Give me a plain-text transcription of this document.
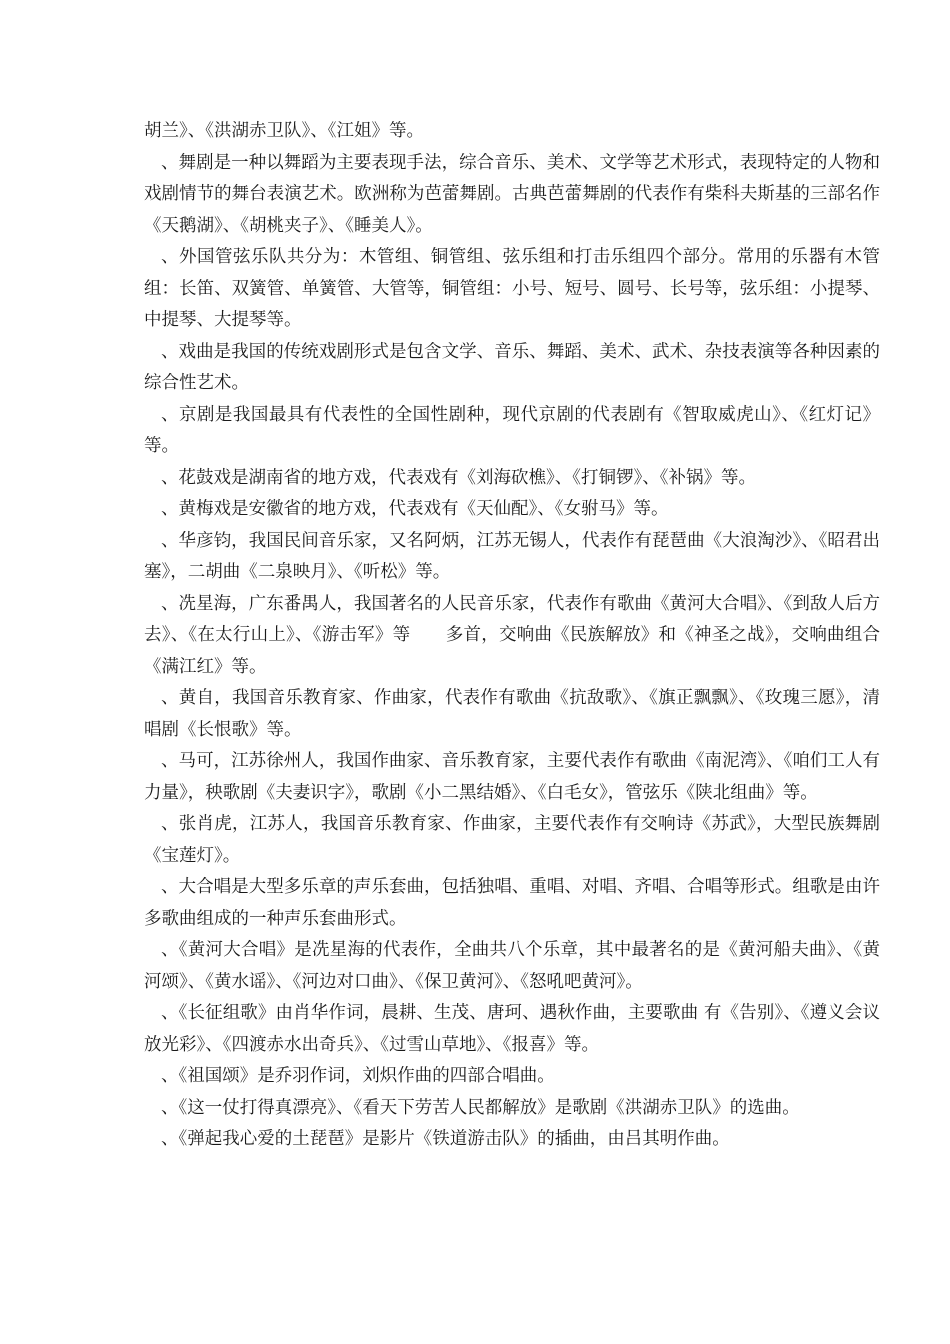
胡兰》、《洪湖赤卫队》、《江姐》等。

、舞剧是一种以舞蹈为主要表现手法，综合音乐、美术、文学等艺术形式，表现特定的人物和戏剧情节的舞台表演艺术。欧洲称为芭蕾舞剧。古典芭蕾舞剧的代表作有柴科夫斯基的三部名作《天鹅湖》、《胡桃夹子》、《睡美人》。

、外国管弦乐队共分为：木管组、铜管组、弦乐组和打击乐组四个部分。常用的乐器有木管组：长笛、双簧管、单簧管、大管等，铜管组：小号、短号、圆号、长号等，弦乐组：小提琴、中提琴、大提琴等。

、戏曲是我国的传统戏剧形式是包含文学、音乐、舞蹈、美术、武术、杂技表演等各种因素的综合性艺术。

、京剧是我国最具有代表性的全国性剧种，现代京剧的代表剧有《智取威虎山》、《红灯记》等。

、花鼓戏是湖南省的地方戏，代表戏有《刘海砍樵》、《打铜锣》、《补锅》等。

、黄梅戏是安徽省的地方戏，代表戏有《天仙配》、《女驸马》等。

、华彦钧，我国民间音乐家，又名阿炳，江苏无锡人，代表作有琵琶曲《大浪淘沙》、《昭君出塞》，二胡曲《二泉映月》、《听松》等。

、冼星海，广东番禺人，我国著名的人民音乐家，代表作有歌曲《黄河大合唱》、《到敌人后方去》、《在太行山上》、《游击军》等　　多首，交响曲《民族解放》和《神圣之战》，交响曲组合《满江红》等。

、黄自，我国音乐教育家、作曲家，代表作有歌曲《抗敌歌》、《旗正飘飘》、《玫瑰三愿》，清唱剧《长恨歌》等。

、马可，江苏徐州人，我国作曲家、音乐教育家，主要代表作有歌曲《南泥湾》、《咱们工人有力量》，秧歌剧《夫妻识字》，歌剧《小二黑结婚》、《白毛女》，管弦乐《陕北组曲》等。

、张肖虎，江苏人，我国音乐教育家、作曲家，主要代表作有交响诗《苏武》，大型民族舞剧《宝莲灯》。

、大合唱是大型多乐章的声乐套曲，包括独唱、重唱、对唱、齐唱、合唱等形式。组歌是由许多歌曲组成的一种声乐套曲形式。

、《黄河大合唱》是冼星海的代表作，全曲共八个乐章，其中最著名的是《黄河船夫曲》、《黄河颂》、《黄水谣》、《河边对口曲》、《保卫黄河》、《怒吼吧黄河》。

、《长征组歌》由肖华作词，晨耕、生茂、唐珂、遇秋作曲，主要歌曲 有《告别》、《遵义会议放光彩》、《四渡赤水出奇兵》、《过雪山草地》、《报喜》等。

、《祖国颂》是乔羽作词，刘炽作曲的四部合唱曲。

、《这一仗打得真漂亮》、《看天下劳苦人民都解放》是歌剧《洪湖赤卫队》的选曲。

、《弹起我心爱的土琵琶》是影片《铁道游击队》的插曲，由吕其明作曲。
